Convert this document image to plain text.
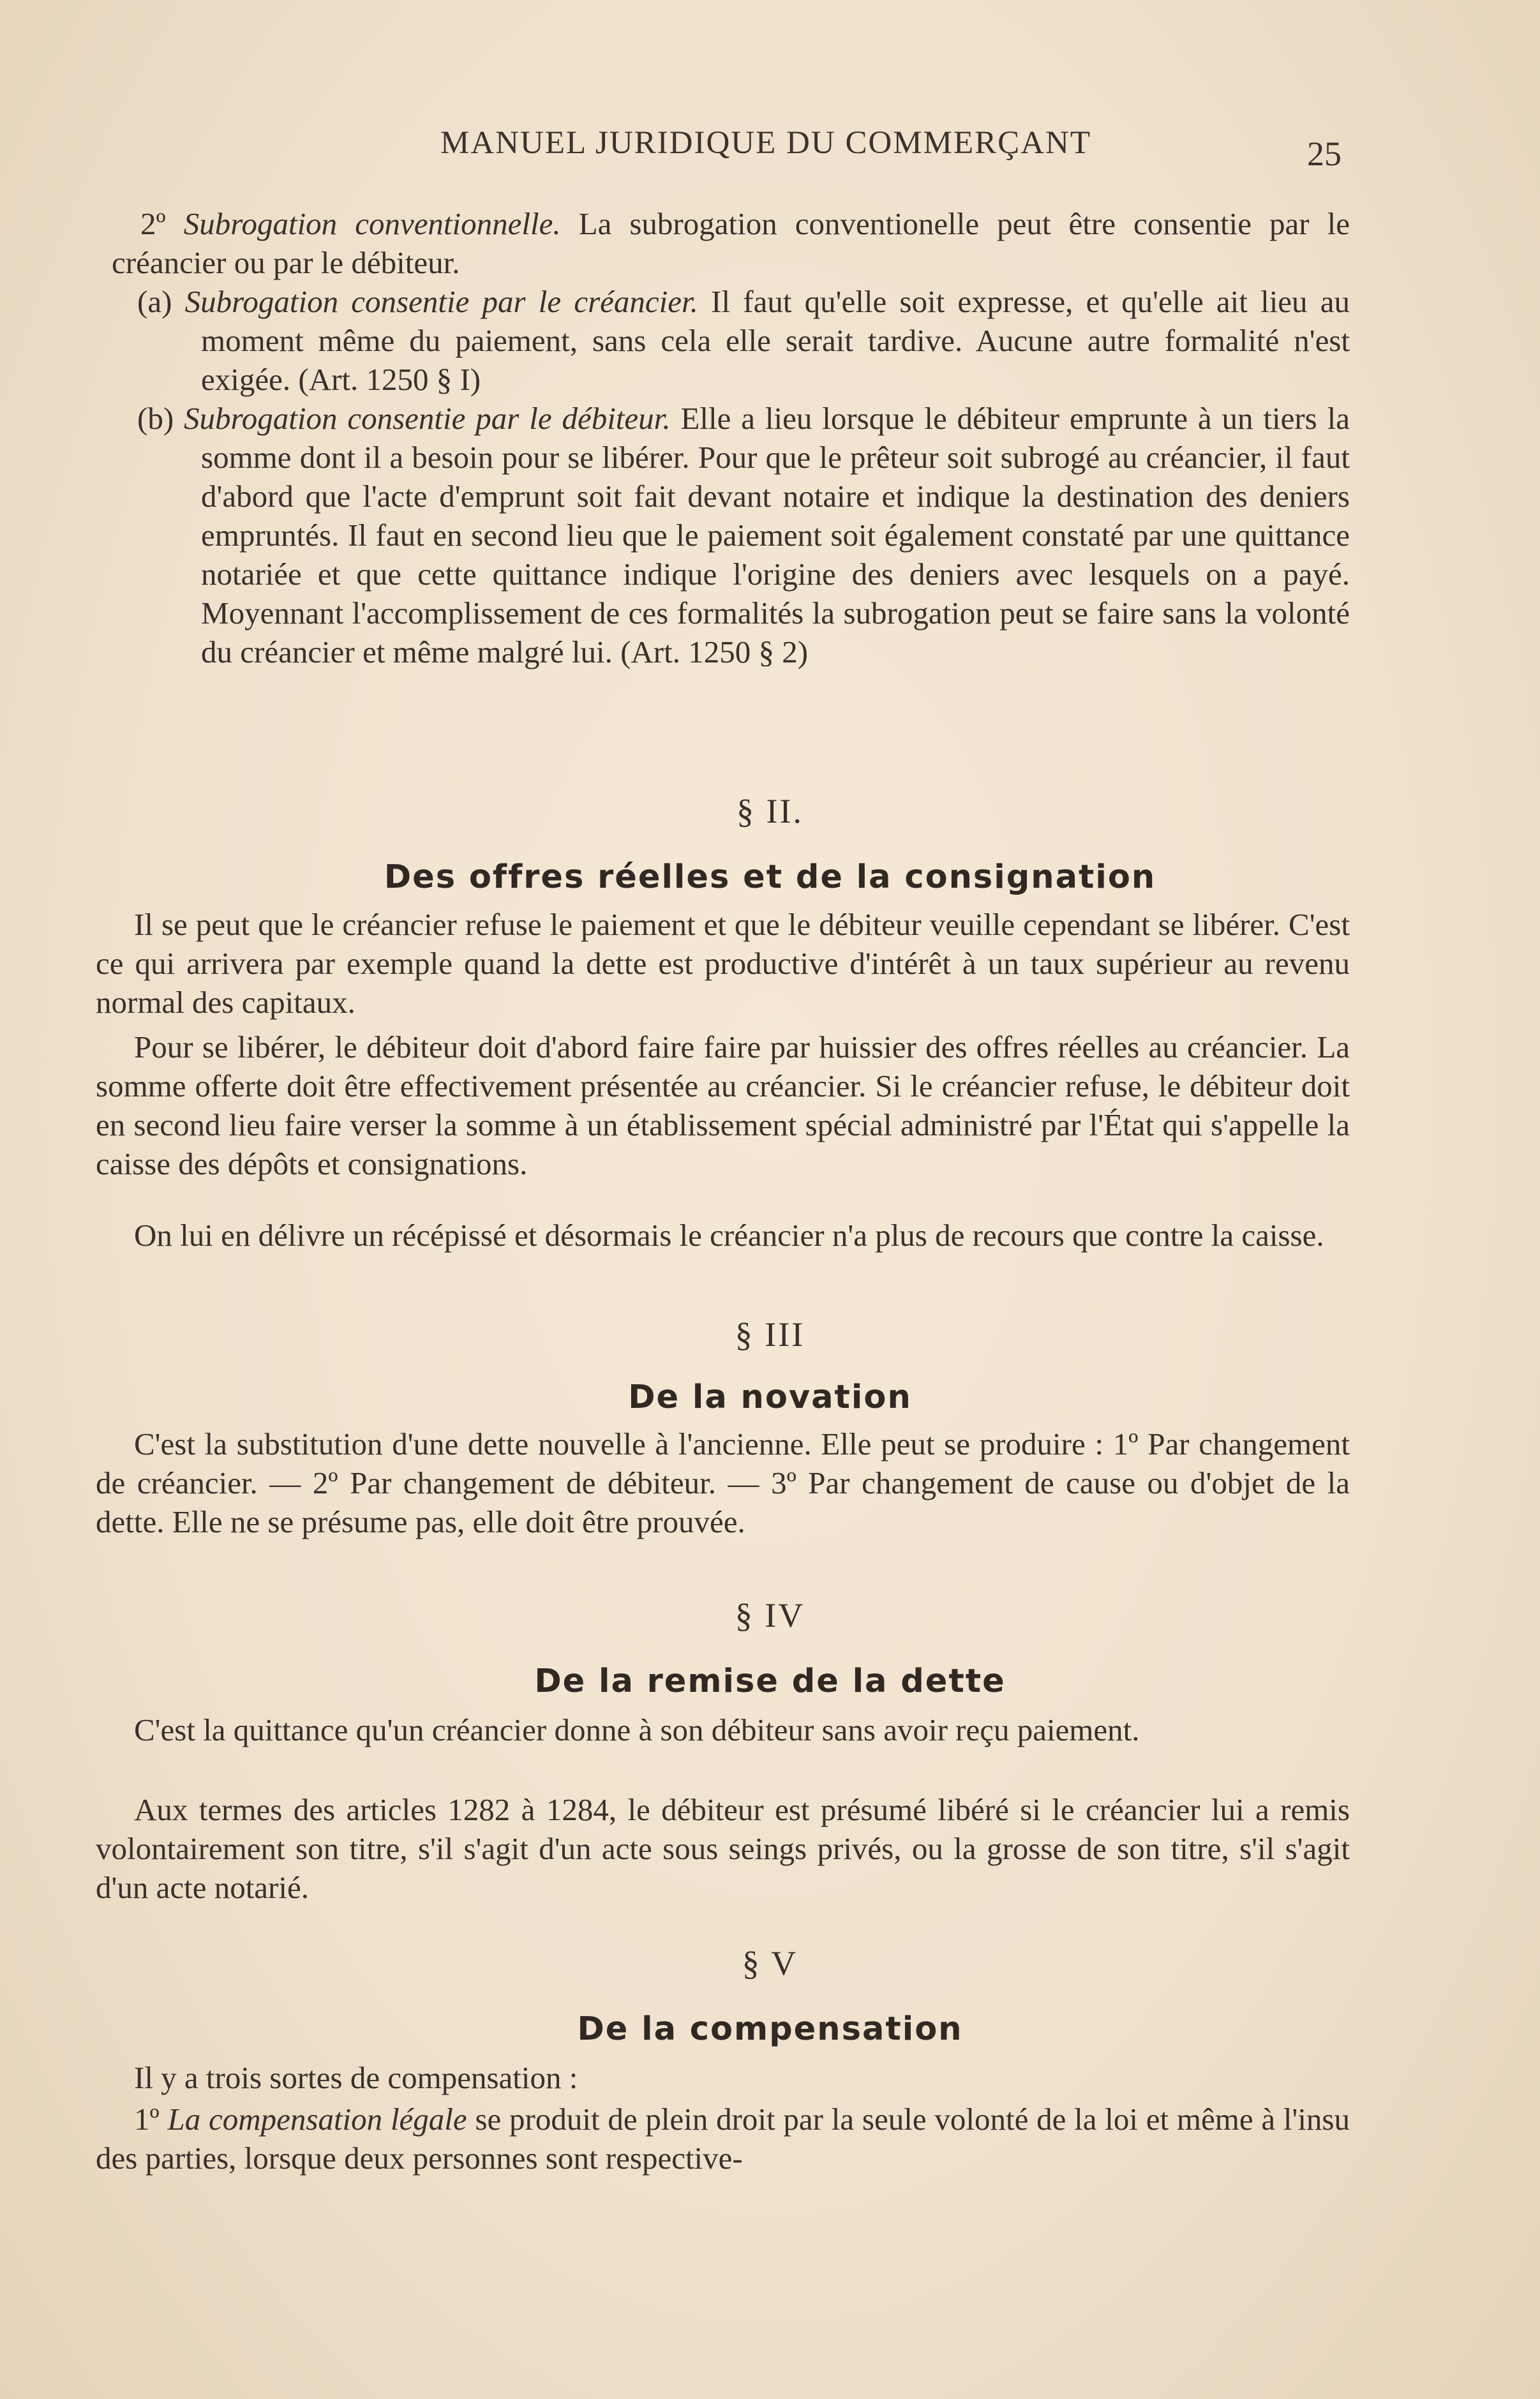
MANUEL JURIDIQUE DU COMMERÇANT	25
2º Subrogation conventionnelle. La subrogation conventionelle peut être consentie par le créancier ou par le débiteur.
(a) Subrogation consentie par le créancier. Il faut qu'elle soit expresse, et qu'elle ait lieu au moment même du paiement, sans cela elle serait tardive. Aucune autre formalité n'est exigée. (Art. 1250 § I)
(b) Subrogation consentie par le débiteur. Elle a lieu lorsque le débiteur emprunte à un tiers la somme dont il a besoin pour se libérer. Pour que le prêteur soit subrogé au créancier, il faut d'abord que l'acte d'emprunt soit fait devant notaire et indique la destination des deniers empruntés. Il faut en second lieu que le paiement soit également constaté par une quittance notariée et que cette quittance indique l'origine des deniers avec lesquels on a payé. Moyennant l'accomplissement de ces formalités la subrogation peut se faire sans la volonté du créancier et même malgré lui. (Art. 1250 § 2)
§ II.
Des offres réelles et de la consignation
Il se peut que le créancier refuse le paiement et que le débiteur veuille cependant se libérer. C'est ce qui arrivera par exemple quand la dette est productive d'intérêt à un taux supérieur au revenu normal des capitaux.
Pour se libérer, le débiteur doit d'abord faire faire par huissier des offres réelles au créancier. La somme offerte doit être effectivement présentée au créancier. Si le créancier refuse, le débiteur doit en second lieu faire verser la somme à un établissement spécial administré par l'État qui s'appelle la caisse des dépôts et consignations.
On lui en délivre un récépissé et désormais le créancier n'a plus de recours que contre la caisse.
§ III
De la novation
C'est la substitution d'une dette nouvelle à l'ancienne. Elle peut se produire : 1º Par changement de créancier. — 2º Par changement de débiteur. — 3º Par changement de cause ou d'objet de la dette. Elle ne se présume pas, elle doit être prouvée.
§ IV
De la remise de la dette
C'est la quittance qu'un créancier donne à son débiteur sans avoir reçu paiement.
Aux termes des articles 1282 à 1284, le débiteur est présumé libéré si le créancier lui a remis volontairement son titre, s'il s'agit d'un acte sous seings privés, ou la grosse de son titre, s'il s'agit d'un acte notarié.
§ V
De la compensation
Il y a trois sortes de compensation :
1º La compensation légale se produit de plein droit par la seule volonté de la loi et même à l'insu des parties, lorsque deux personnes sont respective-
